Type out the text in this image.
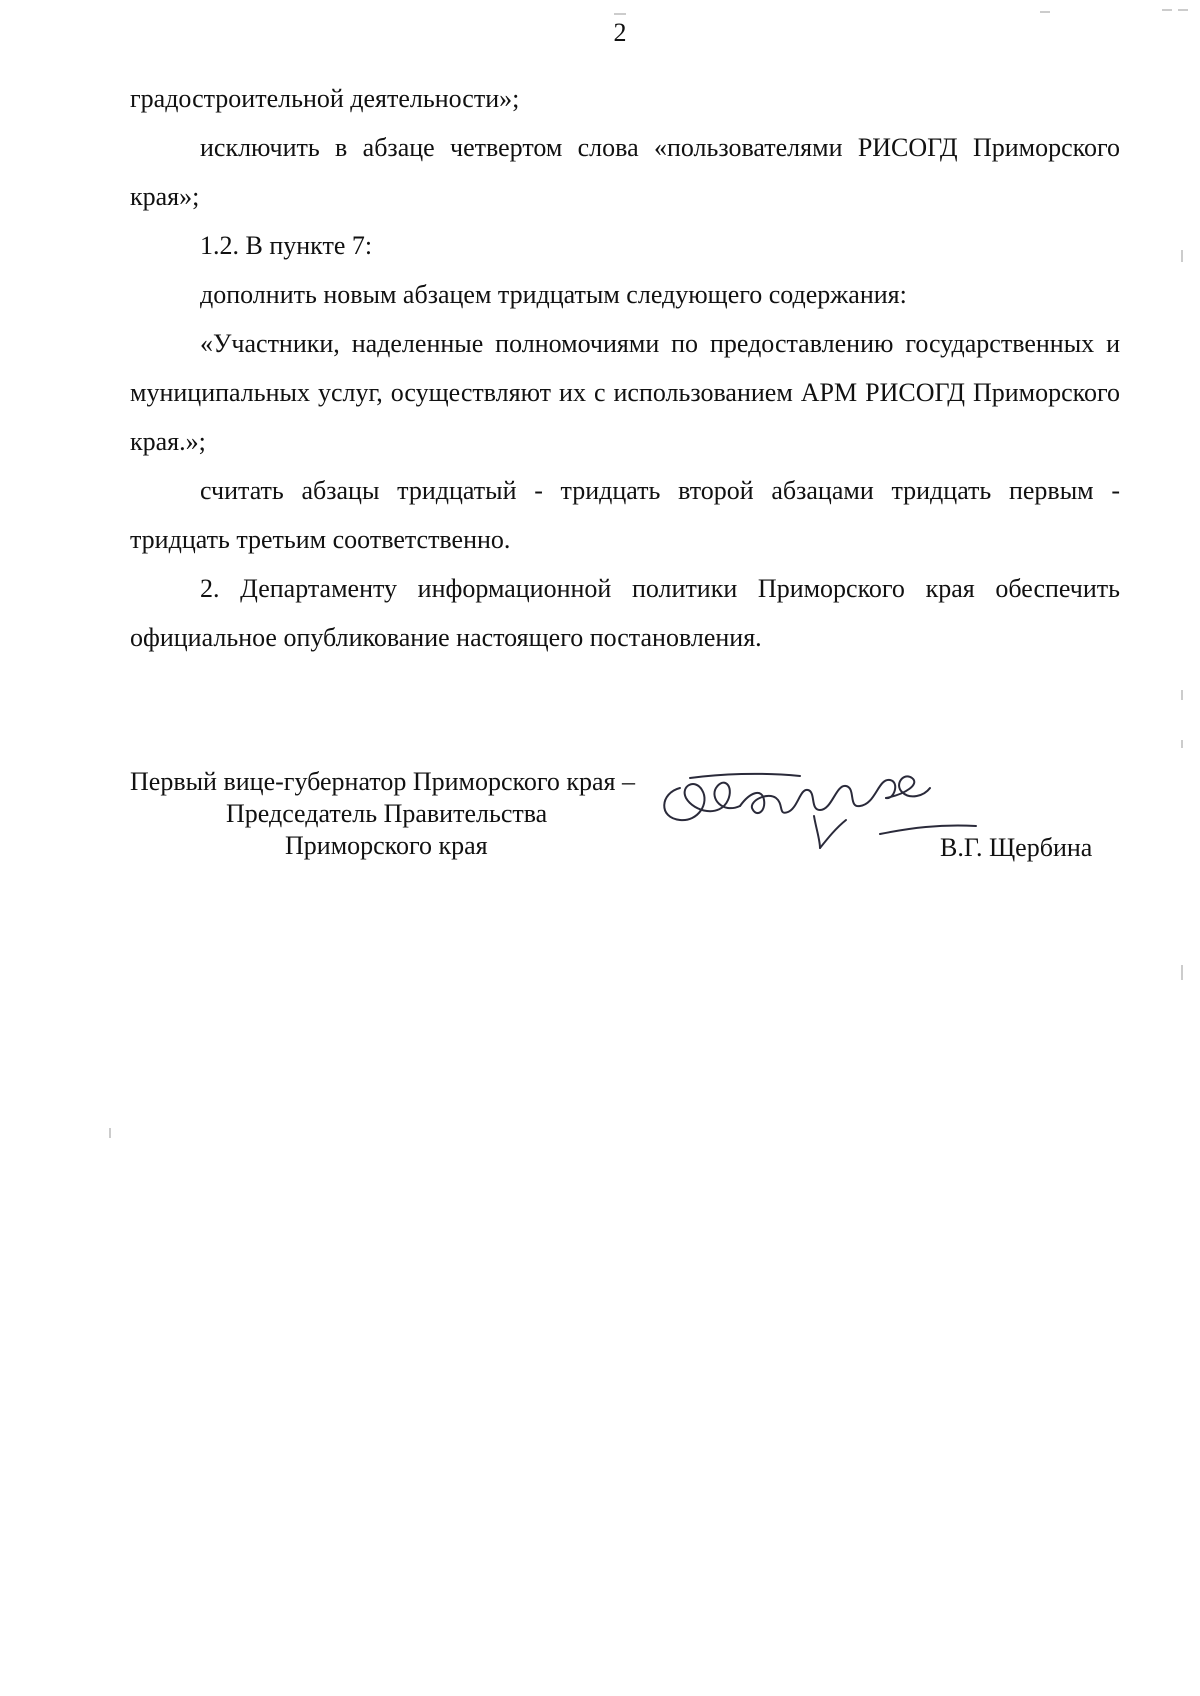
2

градостроительной деятельности»;

исключить в абзаце четвертом слова «пользователями РИСОГД Приморского края»;

1.2. В пункте 7:

дополнить новым абзацем тридцатым следующего содержания:

«Участники, наделенные полномочиями по предоставлению государственных и муниципальных услуг, осуществляют их с использованием АРМ РИСОГД Приморского края.»;

считать абзацы тридцатый - тридцать второй абзацами тридцать первым - тридцать третьим соответственно.

2. Департаменту информационной политики Приморского края обеспечить официальное опубликование настоящего постановления.

Первый вице-губернатор Приморского края –
Председатель Правительства
Приморского края	В.Г. Щербина
